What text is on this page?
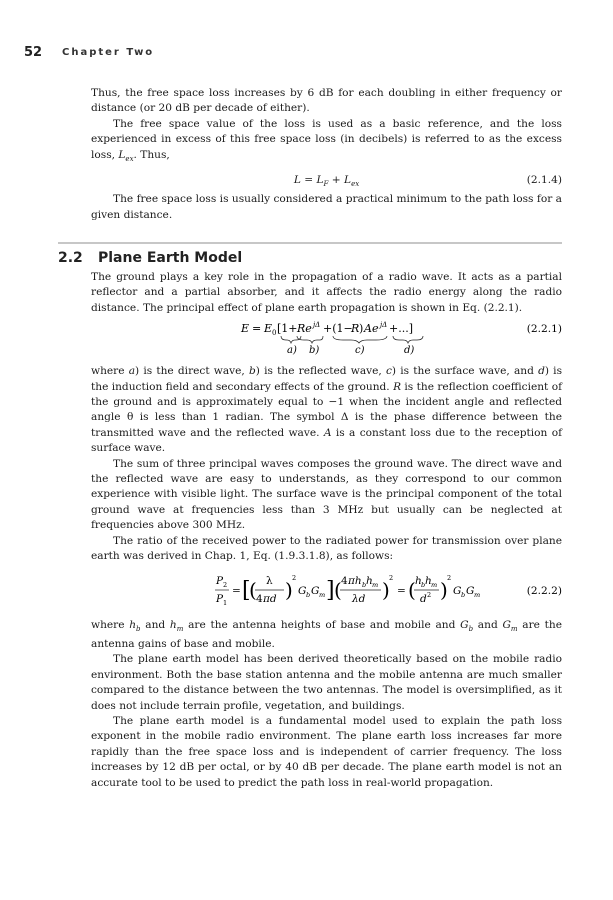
52 Chapter Two

Thus, the free space loss increases by 6 dB for each doubling in either frequency or distance (or 20 dB per decade of either).

The free space value of the loss is used as a basic reference, and the loss experienced in excess of this free space loss (in decibels) is referred to as the excess loss, $L_{ex}$. Thus,

$L = L_F + L_{ex}$	(2.1.4)

The free space loss is usually considered a practical minimum to the path loss for a given distance.

2.2 Plane Earth Model

The ground plays a key role in the propagation of a radio wave. It acts as a partial reflector and a partial absorber, and it affects the radio energy along the radio distance. The principal effect of plane earth propagation is shown in Eq. (2.2.1).

E = E 0 [1+ Re jΔ +(1−
R ) Ae jΔ +...]
a) b)	c)	d)
(2.2.1)

where a) is the direct wave, b) is the reflected wave, c) is the surface wave, and d) is the induction field and secondary effects of the ground. R is the reflection coefficient of the ground and is approximately equal to −1 when the incident angle and reflected angle θ is less than 1 radian. The symbol Δ is the phase difference between the transmitted wave and the reflected wave. A is a constant loss due to the reception of surface wave.

The sum of three principal waves composes the ground wave. The direct wave and the reflected wave are easy to understands, as they correspond to our common experience with visible light. The surface wave is the principal component of the total ground wave at frequencies less than 3 MHz but usually can be neglected at frequencies above 300 MHz.

The ratio of the received power to the radiated power for transmission over plane earth was derived in Chap. 1, Eq. (1.9.3.1.8), as follows:

P 2
P 1
= [
( λ
4 πd ) 2
G b G m ] ( 4 πh b h m
λd ) 2
= ( h b h m
d 2 ) 2
G b G m	(2.2.2)

where $h_b$ and $h_m$ are the antenna heights of base and mobile and $G_b$ and $G_m$ are the antenna gains of base and mobile.

The plane earth model has been derived theoretically based on the mobile radio environment. Both the base station antenna and the mobile antenna are much smaller compared to the distance between the two antennas. The model is oversimplified, as it does not include terrain profile, vegetation, and buildings.

The plane earth model is a fundamental model used to explain the path loss exponent in the mobile radio environment. The plane earth loss increases far more rapidly than the free space loss and is independent of carrier frequency. The loss increases by 12 dB per octal, or by 40 dB per decade. The plane earth model is not an accurate tool to be used to predict the path loss in real-world propagation.
